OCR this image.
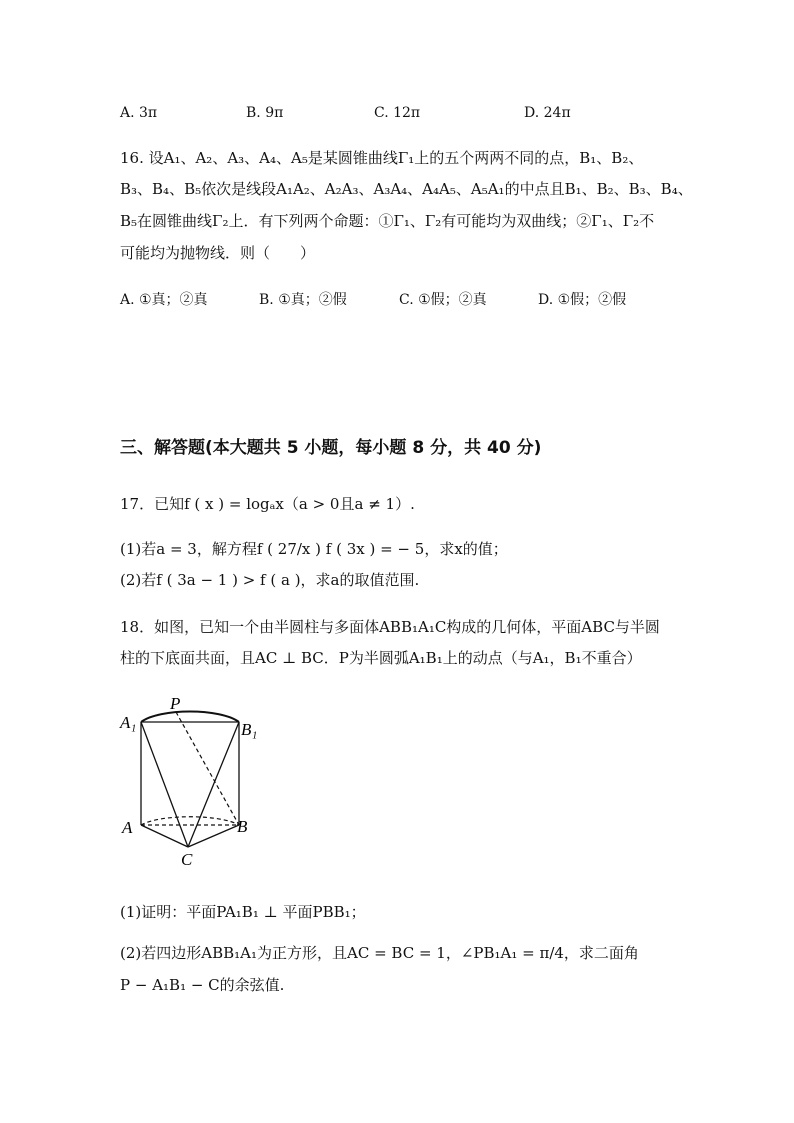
A. 3π	B. 9π	C. 12π	D. 24π
16. 设A₁、A₂、A₃、A₄、A₅是某圆锥曲线Γ₁上的五个两两不同的点，B₁、B₂、
B₃、B₄、B₅依次是线段A₁A₂、A₂A₃、A₃A₄、A₄A₅、A₅A₁的中点且B₁、B₂、B₃、B₄、
B₅在圆锥曲线Γ₂上．有下列两个命题：①Γ₁、Γ₂有可能均为双曲线；②Γ₁、Γ₂不
可能均为抛物线．则（　　）
A. ①真；②真	B. ①真；②假	C. ①假；②真	D. ①假；②假
三、解答题(本大题共 5 小题，每小题 8 分，共 40 分)
17．已知f ( x ) = logₐx（a > 0且a ≠ 1）.
(1)若a = 3，解方程f ( 27/x ) f ( 3x ) = − 5，求x的值；
(2)若f ( 3a − 1 ) > f ( a )，求a的取值范围.
18．如图，已知一个由半圆柱与多面体ABB₁A₁C构成的几何体，平面ABC与半圆
柱的下底面共面，且AC ⊥ BC．P为半圆弧A₁B₁上的动点（与A₁，B₁不重合）
A₁
P
B₁
A	B
C
(1)证明：平面PA₁B₁ ⊥ 平面PBB₁；
(2)若四边形ABB₁A₁为正方形，且AC = BC = 1，∠PB₁A₁ = π/4，求二面角
P − A₁B₁ − C的余弦值.
